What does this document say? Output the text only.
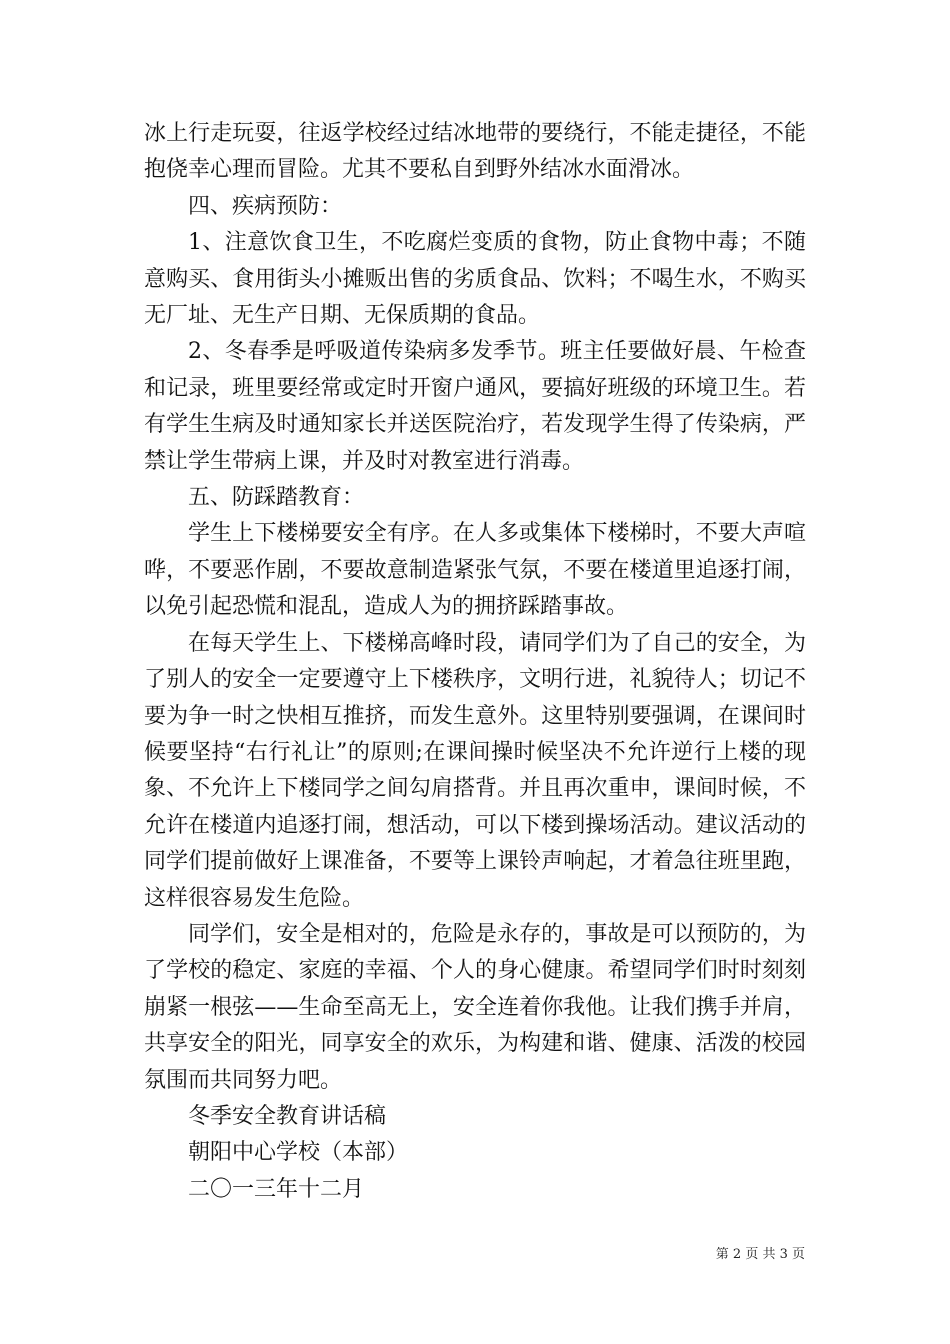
冰上行走玩耍，往返学校经过结冰地带的要绕行，不能走捷径，不能抱侥幸心理而冒险。尤其不要私自到野外结冰水面滑冰。

四、疾病预防：

1、注意饮食卫生，不吃腐烂变质的食物，防止食物中毒；不随意购买、食用街头小摊贩出售的劣质食品、饮料；不喝生水，不购买无厂址、无生产日期、无保质期的食品。

2、冬春季是呼吸道传染病多发季节。班主任要做好晨、午检查和记录，班里要经常或定时开窗户通风，要搞好班级的环境卫生。若有学生生病及时通知家长并送医院治疗，若发现学生得了传染病，严禁让学生带病上课，并及时对教室进行消毒。

五、防踩踏教育：

学生上下楼梯要安全有序。在人多或集体下楼梯时，不要大声喧哗，不要恶作剧，不要故意制造紧张气氛，不要在楼道里追逐打闹，以免引起恐慌和混乱，造成人为的拥挤踩踏事故。

在每天学生上、下楼梯高峰时段，请同学们为了自己的安全，为了别人的安全一定要遵守上下楼秩序，文明行进，礼貌待人；切记不要为争一时之快相互推挤，而发生意外。这里特别要强调，在课间时候要坚持“右行礼让”的原则;在课间操时候坚决不允许逆行上楼的现象、不允许上下楼同学之间勾肩搭背。并且再次重申，课间时候，不允许在楼道内追逐打闹，想活动，可以下楼到操场活动。建议活动的同学们提前做好上课准备，不要等上课铃声响起，才着急往班里跑，这样很容易发生危险。

同学们，安全是相对的，危险是永存的，事故是可以预防的，为了学校的稳定、家庭的幸福、个人的身心健康。希望同学们时时刻刻崩紧一根弦——生命至高无上，安全连着你我他。让我们携手并肩，共享安全的阳光，同享安全的欢乐，为构建和谐、健康、活泼的校园氛围而共同努力吧。

冬季安全教育讲话稿

朝阳中心学校（本部）

二〇一三年十二月

第 2 页 共 3 页
